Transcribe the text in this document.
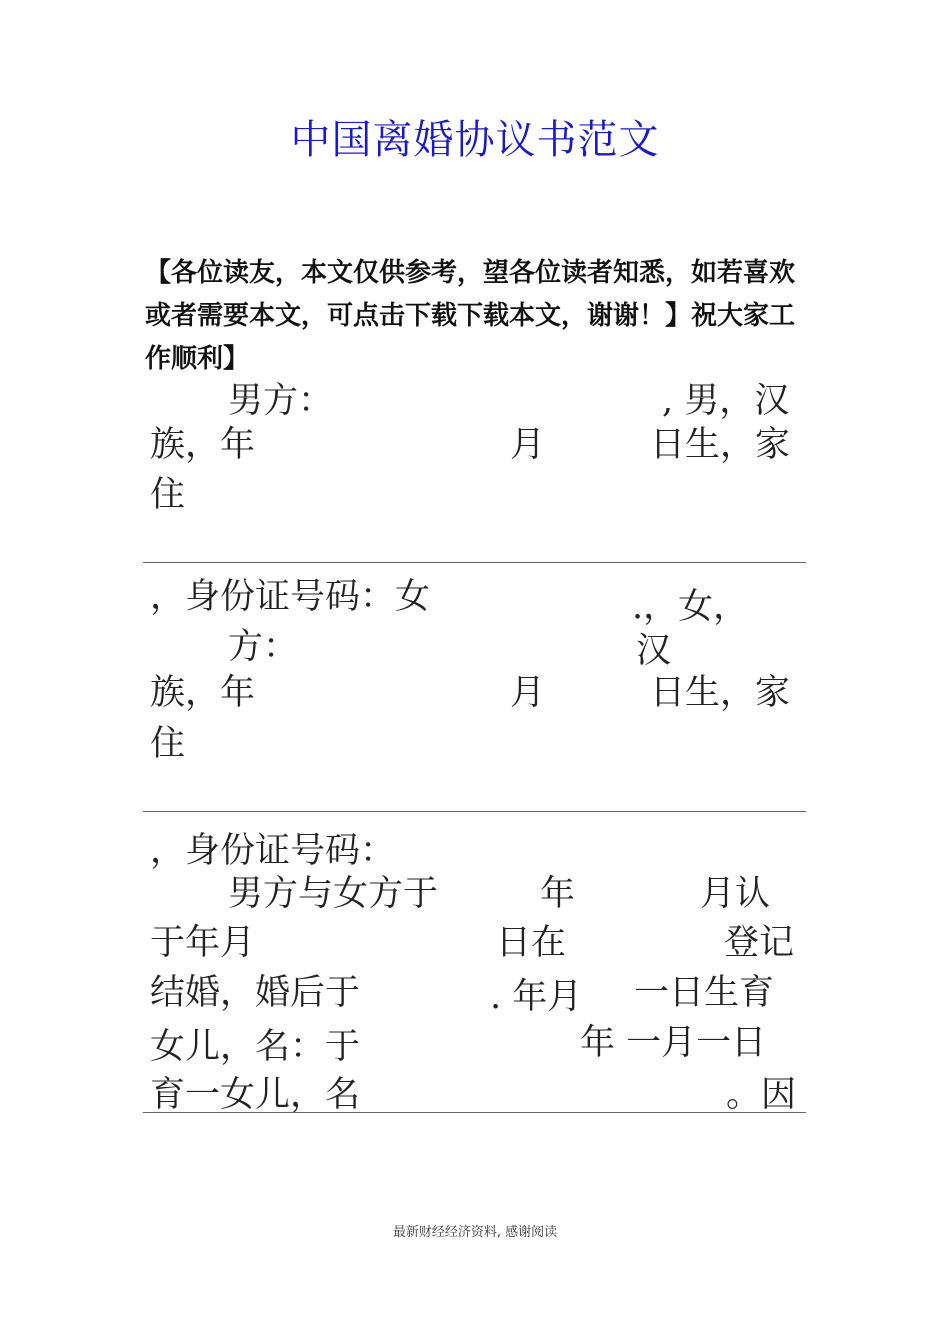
中国离婚协议书范文
【各位读友，本文仅供参考，望各位读者知悉，如若喜欢或者需要本文，可点击下载下载本文，谢谢！】祝大家工作顺利】
男方：	, 男，汉
族，年	月	日生，家
住
，身份证号码：女	.，女，
方：	汉
族，年	月	日生，家
住
，身份证号码：
男方与女方于	年	月认
于年月	日在	登记
结婚，婚后于	. 年月 一日生育
女儿，名：于	年 一月一日
育一女儿，名	。因
最新财经经济资料, 感谢阅读
